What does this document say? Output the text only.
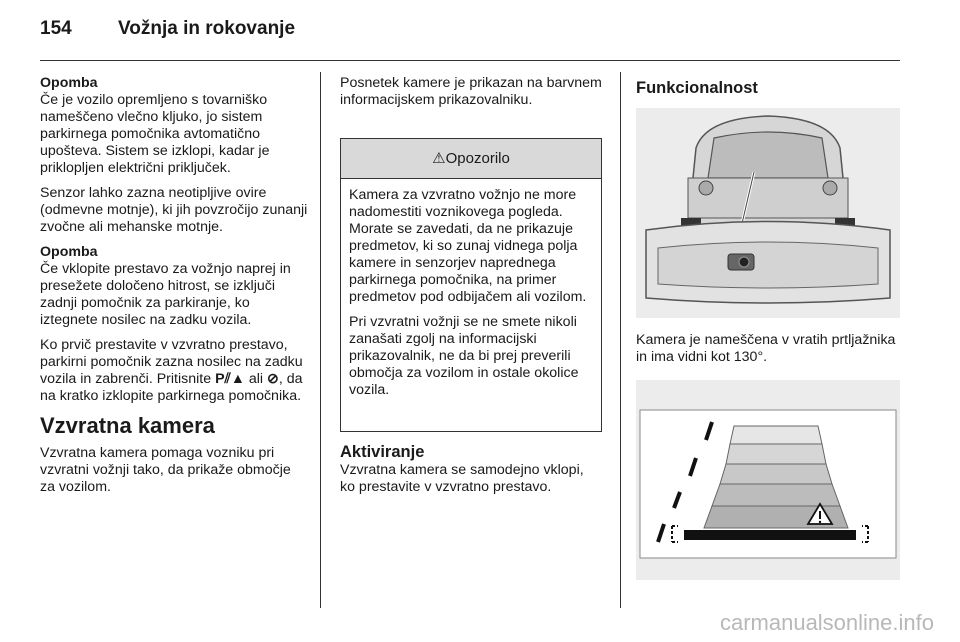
154 Vožnja in rokovanje
Opomba

Če je vozilo opremljeno s tovarniško nameščeno vlečno kljuko, jo sistem parkirnega pomočnika avtomatično upošteva. Sistem se izklopi, kadar je priklopljen električni priključek.

Senzor lahko zazna neotipljive ovire (odmevne motnje), ki jih povzročijo zunanji zvočne ali mehanske motnje.

Opomba

Če vklopite prestavo za vožnjo naprej in presežete določeno hitrost, se izključi zadnji pomočnik za parkiranje, ko iztegnete nosilec na zadku vozila.

Ko prvič prestavite v vzvratno prestavo, parkirni pomočnik zazna nosilec na zadku vozila in zabrenči. Pritisnite P⫽▲ ali ⊘, da na kratko izklopite parkirnega pomočnika.

Vzvratna kamera

Vzvratna kamera pomaga vozniku pri vzvratni vožnji tako, da prikaže območje za vozilom.

Posnetek kamere je prikazan na barvnem informacijskem prikazovalniku.

⚠Opozorilo

Kamera za vzvratno vožnjo ne more nadomestiti voznikovega pogleda. Morate se zavedati, da ne prikazuje predmetov, ki so zunaj vidnega polja kamere in senzorjev naprednega parkirnega pomočnika, na primer predmetov pod odbijačem ali vozilom.

Pri vzvratni vožnji se ne smete nikoli zanašati zgolj na informacijski prikazovalnik, ne da bi prej preverili območja za vozilom in ostale okolice vozila.

Aktiviranje

Vzvratna kamera se samodejno vklopi, ko prestavite v vzvratno prestavo.

Funkcionalnost

Kamera je nameščena v vratih prtljažnika in ima vidni kot 130°.

carmanualsonline.info
